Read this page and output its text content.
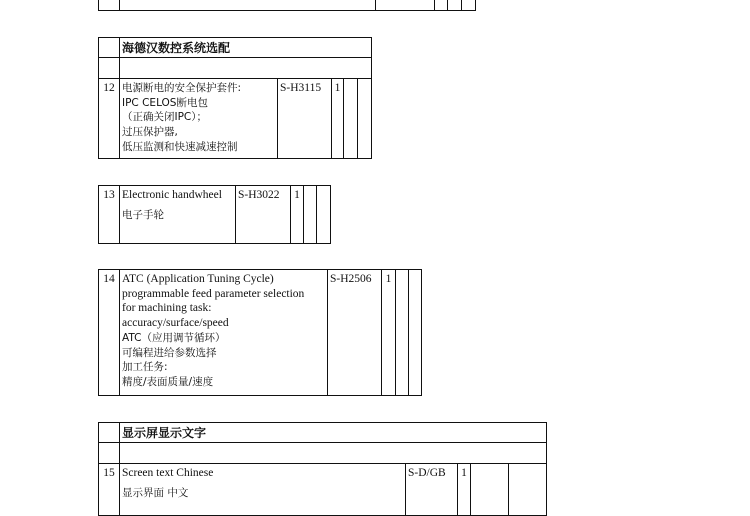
	海德汉数控系统选配

12	电源断电的安全保护套件:
IPC CELOS断电包
（正确关闭IPC）；
过压保护器,
低压监测和快速减速控制
	S-H3115	1		
13	Electronic handwheel
电子手轮
	S-H3022	1		
14	ATC (Application Tuning Cycle)
programmable feed parameter selection
for machining task:
accuracy/surface/speed
ATC（应用调节循环）
可编程进给参数选择
加工任务:
精度/表面质量/速度
	S-H2506	1		
	显示屏显示文字

15	Screen text Chinese
显示界面 中文
	S-D/GB	1		
